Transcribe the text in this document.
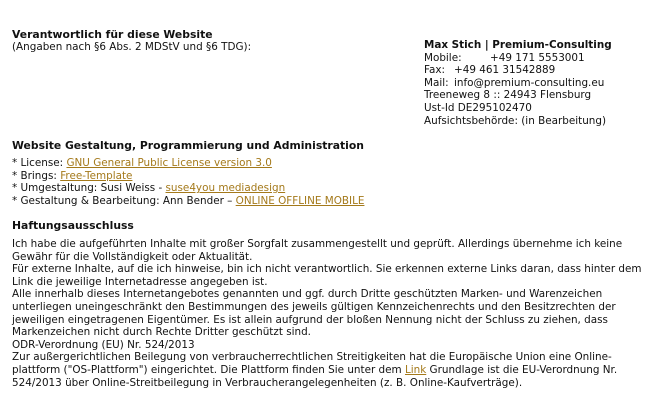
Verantwortlich für diese Website
(Angaben nach §6 Abs. 2 MDStV und §6 TDG):	Max Stich | Premium-Consulting
Mobile:	+49 171 5553001
Fax: +49 461 31542889
Mail: info@premium-consulting.eu
Treeneweg 8 :: 24943 Flensburg
Ust-Id DE295102470
Aufsichtsbehörde: (in Bearbeitung)
Website Gestaltung, Programmierung und Administration
* License: GNU General Public License version 3.0
* Brings: Free-Template
* Umgestaltung: Susi Weiss - suse4you mediadesign
* Gestaltung & Bearbeitung: Ann Bender – ONLINE OFFLINE MOBILE
Haftungsausschluss

Ich habe die aufgeführten Inhalte mit großer Sorgfalt zusammengestellt und geprüft. Allerdings übernehme ich keine Gewähr für die Vollständigkeit oder Aktualität.

Für externe Inhalte, auf die ich hinweise, bin ich nicht verantwortlich. Sie erkennen externe Links daran, dass hinter dem Link die jeweilige Internetadresse angegeben ist.

Alle innerhalb dieses Internetangebotes genannten und ggf. durch Dritte geschützten Marken- und Warenzeichen unterliegen uneingeschränkt den Bestimmungen des jeweils gültigen Kennzeichenrechts und den Besitzrechten der jeweiligen eingetragenen Eigentümer. Es ist allein aufgrund der bloßen Nennung nicht der Schluss zu ziehen, dass Markenzeichen nicht durch Rechte Dritter geschützt sind.

ODR-Verordnung (EU) Nr. 524/2013

Zur außergerichtlichen Beilegung von verbraucherrechtlichen Streitigkeiten hat die Europäische Union eine Online-plattform ("OS-Plattform") eingerichtet. Die Plattform finden Sie unter dem Link Grundlage ist die EU-Verordnung Nr. 524/2013 über Online-Streitbeilegung in Verbraucherangelegenheiten (z. B. Online-Kaufverträge).
